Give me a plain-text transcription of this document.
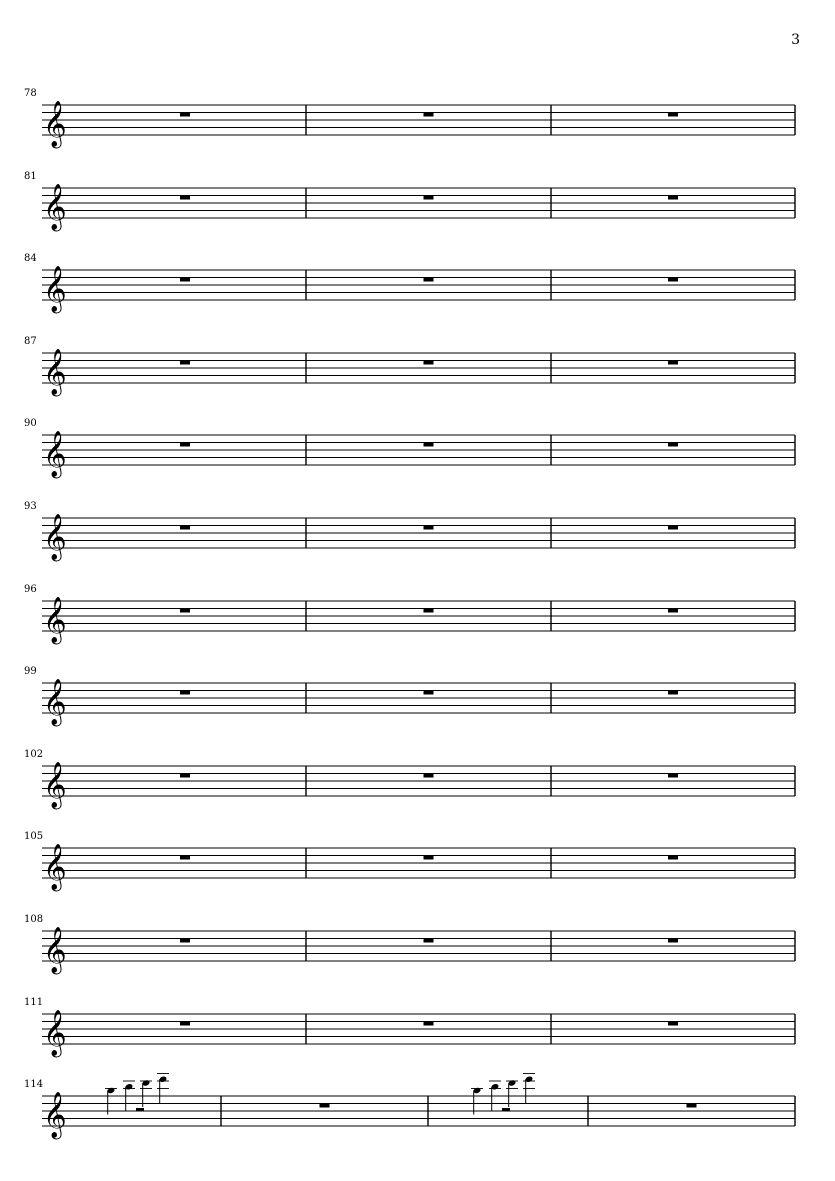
3
78
𝄞
81
𝄞
84
𝄞
87
𝄞
90
𝄞
93
𝄞
96
𝄞
99
𝄞
102
𝄞
105
𝄞
108
𝄞
111
𝄞
114
𝄞
